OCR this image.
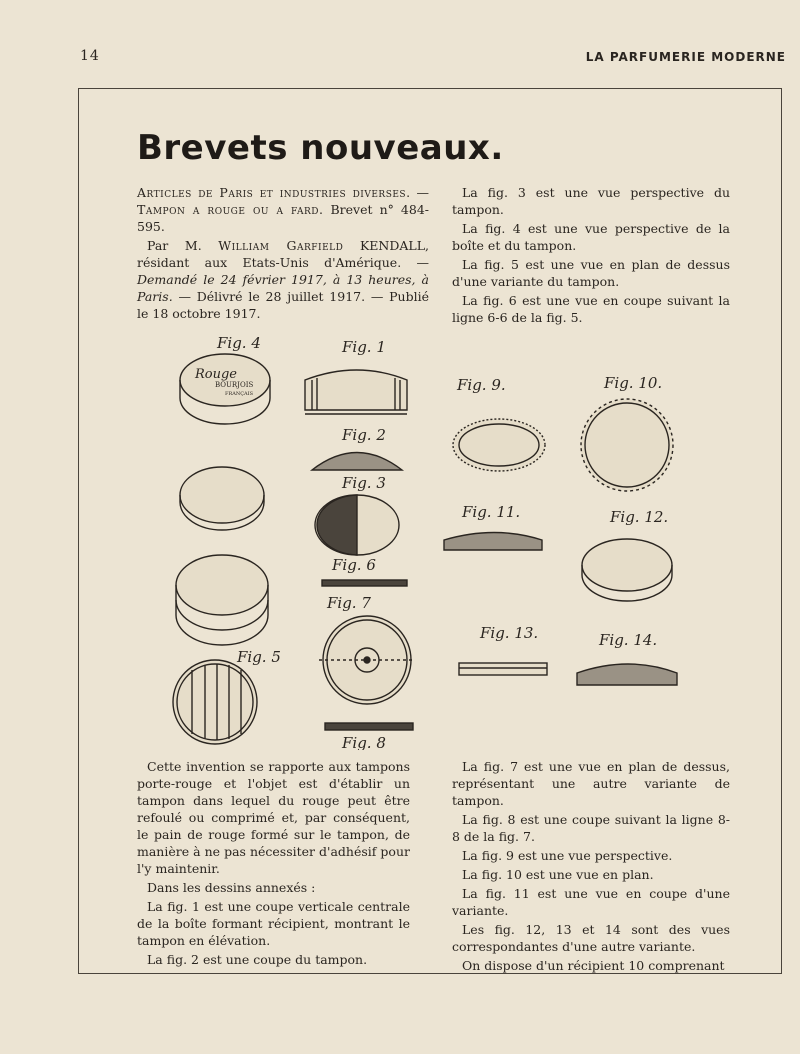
14	LA PARFUMERIE MODERNE
Brevets nouveaux.

Articles de Paris et industries diverses. — Tampon a rouge ou a fard. Brevet n° 484-595.

Par M. William Garfield KENDALL, résidant aux Etats-Unis d'Amérique. — Demandé le 24 février 1917, à 13 heures, à Paris. — Délivré le 28 juillet 1917. — Publié le 18 octobre 1917.

La fig. 3 est une vue perspective du tampon.

La fig. 4 est une vue perspective de la boîte et du tampon.

La fig. 5 est une vue en plan de dessus d'une variante du tampon.

La fig. 6 est une vue en coupe suivant la ligne 6-6 de la fig. 5.

Fig. 4
Rouge
BOURJOIS
FRANÇAIS
Fig. 1
Fig. 2
Fig. 3
Fig. 6
Fig. 7
Fig. 8
Fig. 5
Fig. 9.	Fig. 10.
Fig. 11.	Fig. 12.
Fig. 13.	Fig. 14.

Cette invention se rapporte aux tampons porte-rouge et l'objet est d'établir un tampon dans lequel du rouge peut être refoulé ou comprimé et, par conséquent, le pain de rouge formé sur le tampon, de manière à ne pas nécessiter d'adhésif pour l'y maintenir.

Dans les dessins annexés :

La fig. 1 est une coupe verticale centrale de la boîte formant récipient, montrant le tampon en élévation.

La fig. 2 est une coupe du tampon.

La fig. 7 est une vue en plan de dessus, représentant une autre variante de tampon.

La fig. 8 est une coupe suivant la ligne 8-8 de la fig. 7.

La fig. 9 est une vue perspective.

La fig. 10 est une vue en plan.

La fig. 11 est une vue en coupe d'une variante.

Les fig. 12, 13 et 14 sont des vues correspondantes d'une autre variante.

On dispose d'un récipient 10 comprenant
